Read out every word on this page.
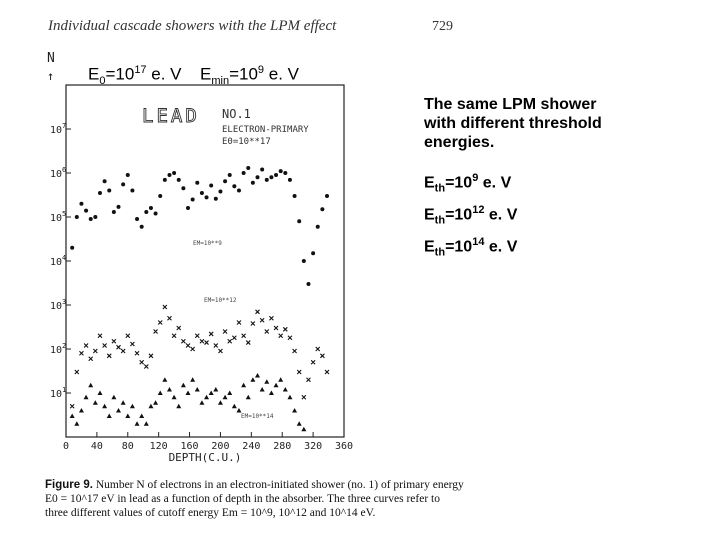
Individual cascade showers with the LPM effect	729
$E_0=10^{17}$ e. V $E_{min}=10^9$ e. V
The same LPM shower with different threshold energies.
$E_{th}=10^9$ e. V
$E_{th}=10^{12}$ e. V
$E_{th}=10^{14}$ e. V
N
↑
LEAD NO.1
ELECTRON-PRIMARY
E0=10**17
EM=10**9
EM=10**12
EM=10**14
DEPTH(C.U.)
$10^7$
$10^6$
$10^5$
$10^4$
$10^3$
$10^2$
$10^1$
0 40 80 120 160 200 240 280 320 360
Figure 9. Number N of electrons in an electron-initiated shower (no. 1) of primary energy E0 = 10^17 eV in lead as a function of depth in the absorber. The three curves refer to three different values of cutoff energy Em = 10^9, 10^12 and 10^14 eV.
